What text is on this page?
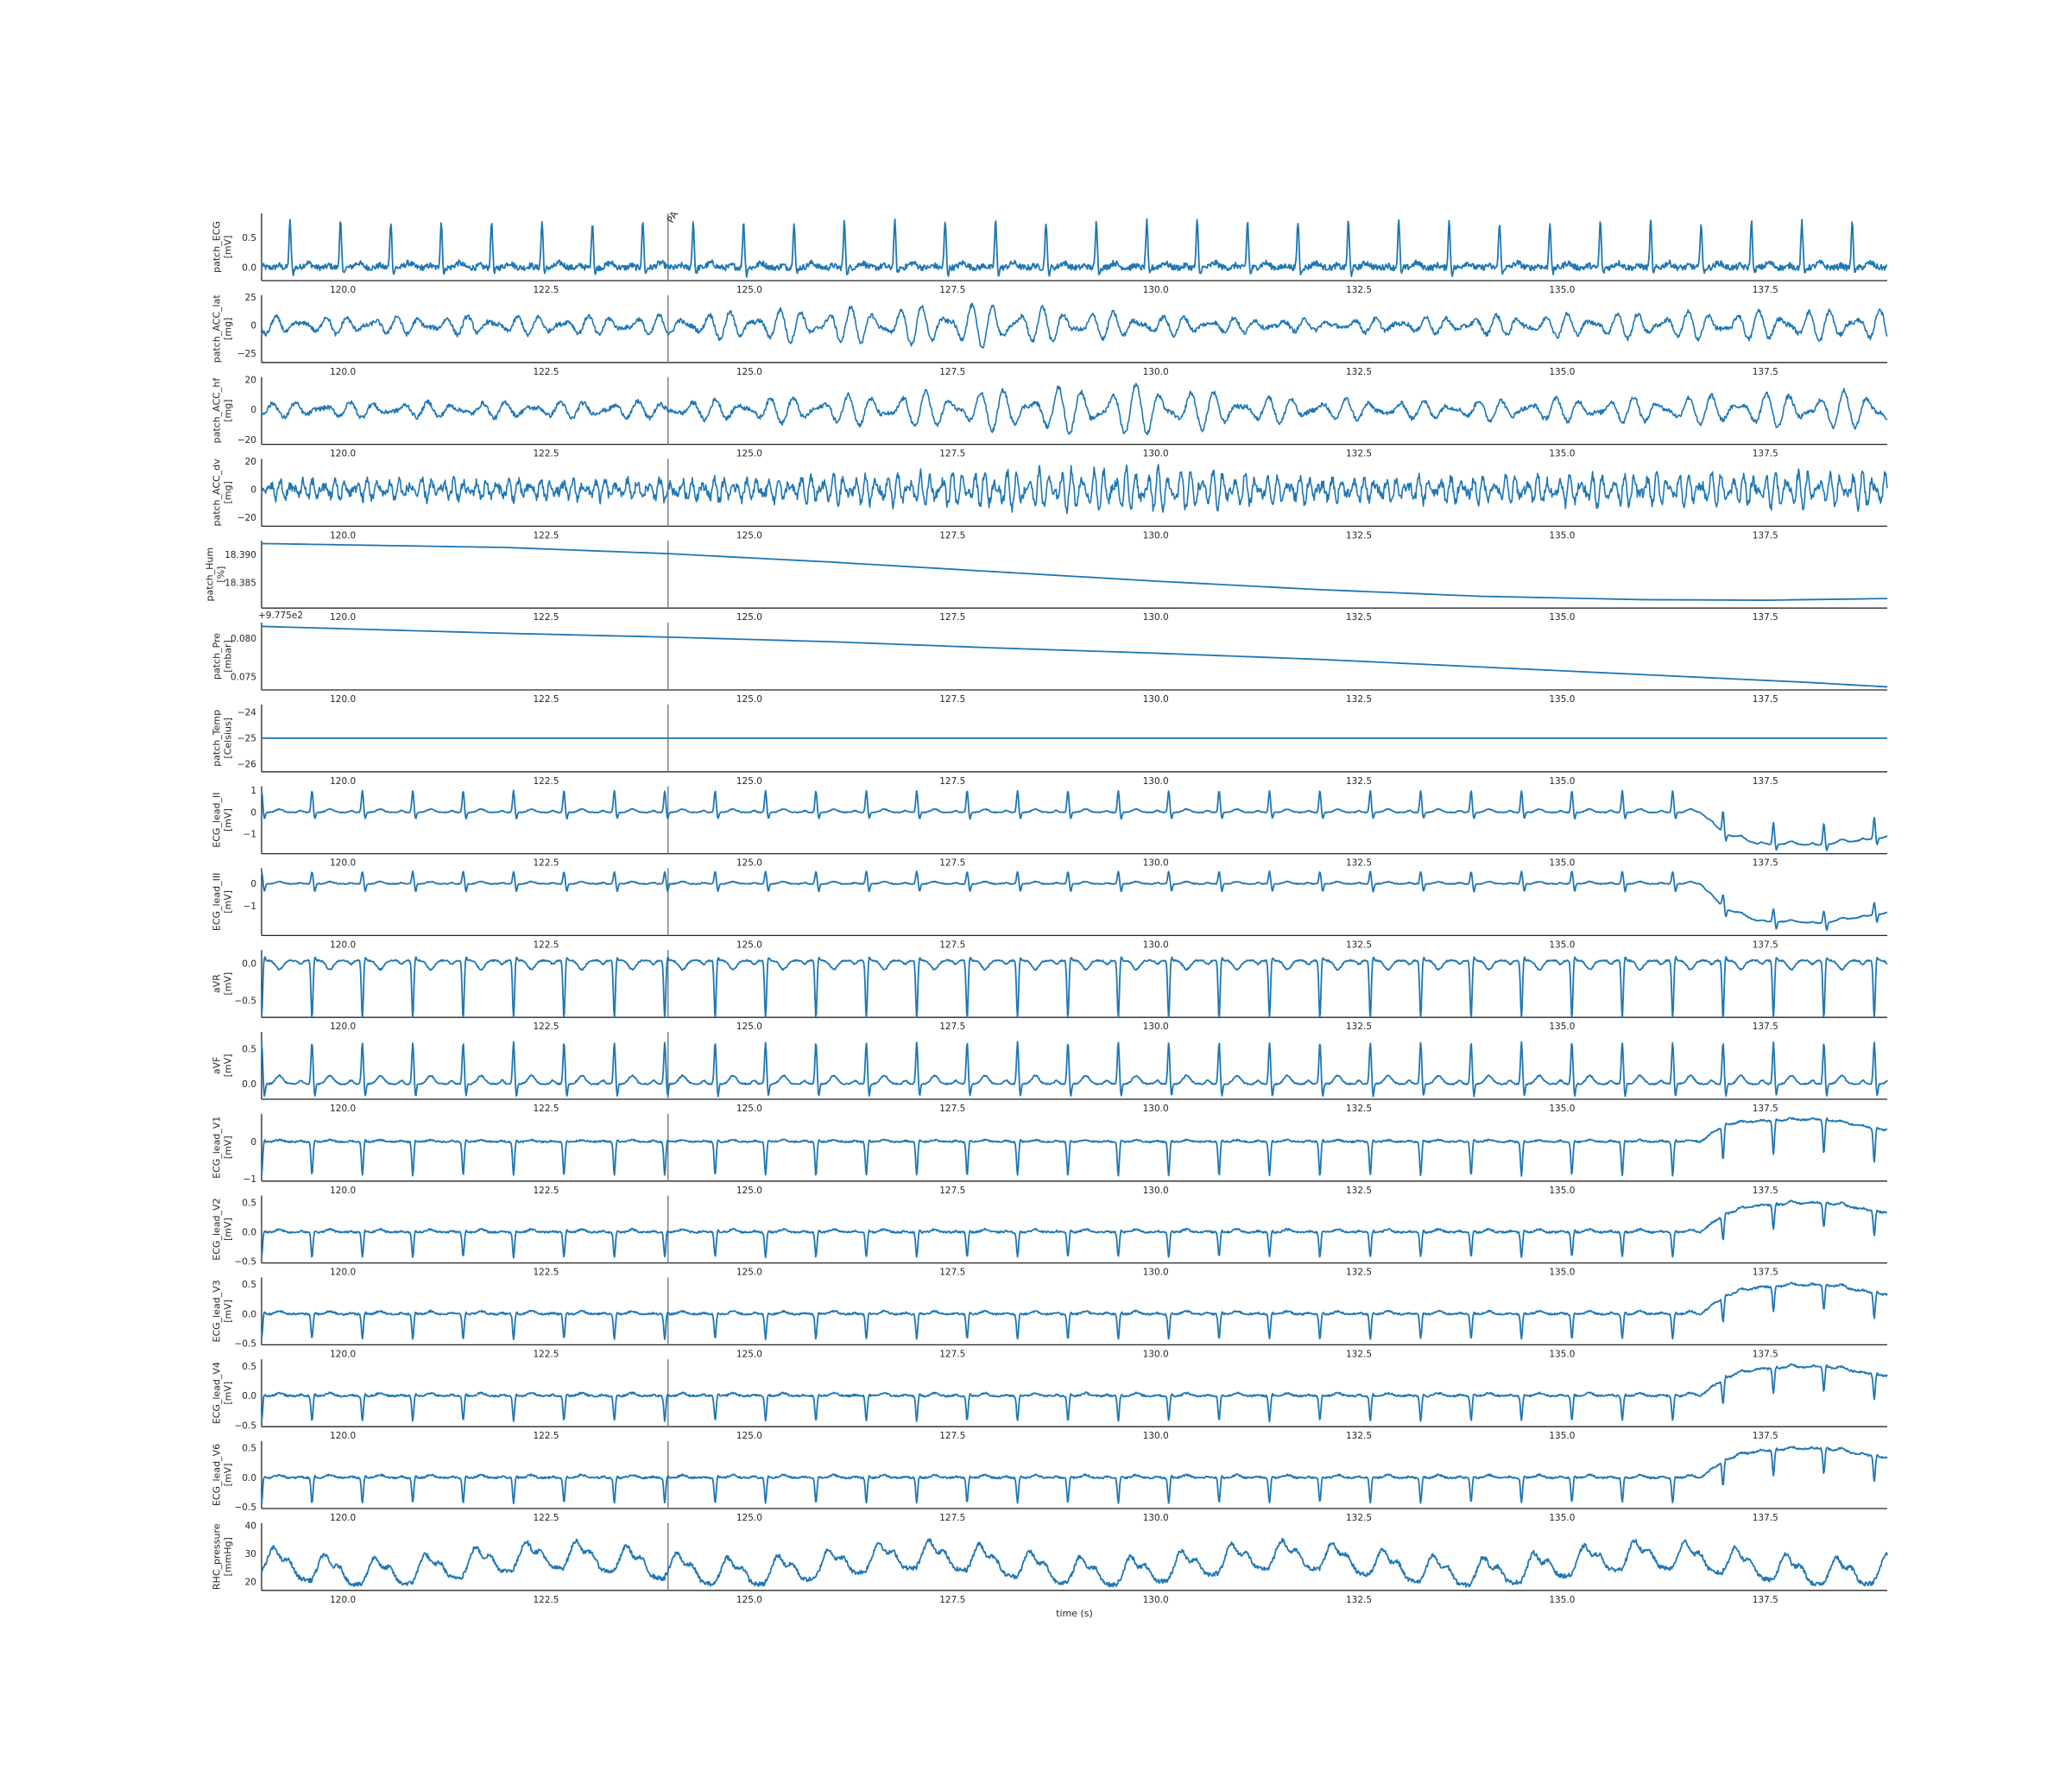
120.0	122.5	125.0	127.5	130.0	132.5	135.0	137.5
0.0
0.5
patch_ECG[mV]
120.0	122.5	125.0	127.5	130.0	132.5	135.0	137.5
−25
0
25
patch_ACC_lat[mg]
120.0	122.5	125.0	127.5	130.0	132.5	135.0	137.5
−20
0
20
patch_ACC_hf[mg]
120.0	122.5	125.0	127.5	130.0	132.5	135.0	137.5
−20
0
20
patch_ACC_dv[mg]
120.0	122.5	125.0	127.5	130.0	132.5	135.0	137.5
18.385
18.390
patch_Hum[%]
120.0	122.5	125.0	127.5	130.0	132.5	135.0	137.5
0.075
0.080
+9.775e2
patch_Pre[mbar]
120.0	122.5	125.0	127.5	130.0	132.5	135.0	137.5
−26
−25
−24
patch_Temp[Celsius]
120.0	122.5	125.0	127.5	130.0	132.5	135.0	137.5
−1
0
1
ECG_lead_II[mV]
120.0	122.5	125.0	127.5	130.0	132.5	135.0	137.5
−1
0
ECG_lead_III[mV]
120.0	122.5	125.0	127.5	130.0	132.5	135.0	137.5
−0.5
0.0
aVR[mV]
120.0	122.5	125.0	127.5	130.0	132.5	135.0	137.5
0.0
0.5
aVF[mV]
120.0	122.5	125.0	127.5	130.0	132.5	135.0	137.5
−1
0
ECG_lead_V1[mV]
120.0	122.5	125.0	127.5	130.0	132.5	135.0	137.5
−0.5
0.0
0.5
ECG_lead_V2[mV]
120.0	122.5	125.0	127.5	130.0	132.5	135.0	137.5
−0.5
0.0
0.5
ECG_lead_V3[mV]
120.0	122.5	125.0	127.5	130.0	132.5	135.0	137.5
−0.5
0.0
0.5
ECG_lead_V4[mV]
120.0	122.5	125.0	127.5	130.0	132.5	135.0	137.5
−0.5
0.0
0.5
ECG_lead_V6[mV]
120.0	122.5	125.0	127.5	130.0	132.5	135.0	137.5
20
30
40
RHC_pressure[mmHg]
PA
time (s)
